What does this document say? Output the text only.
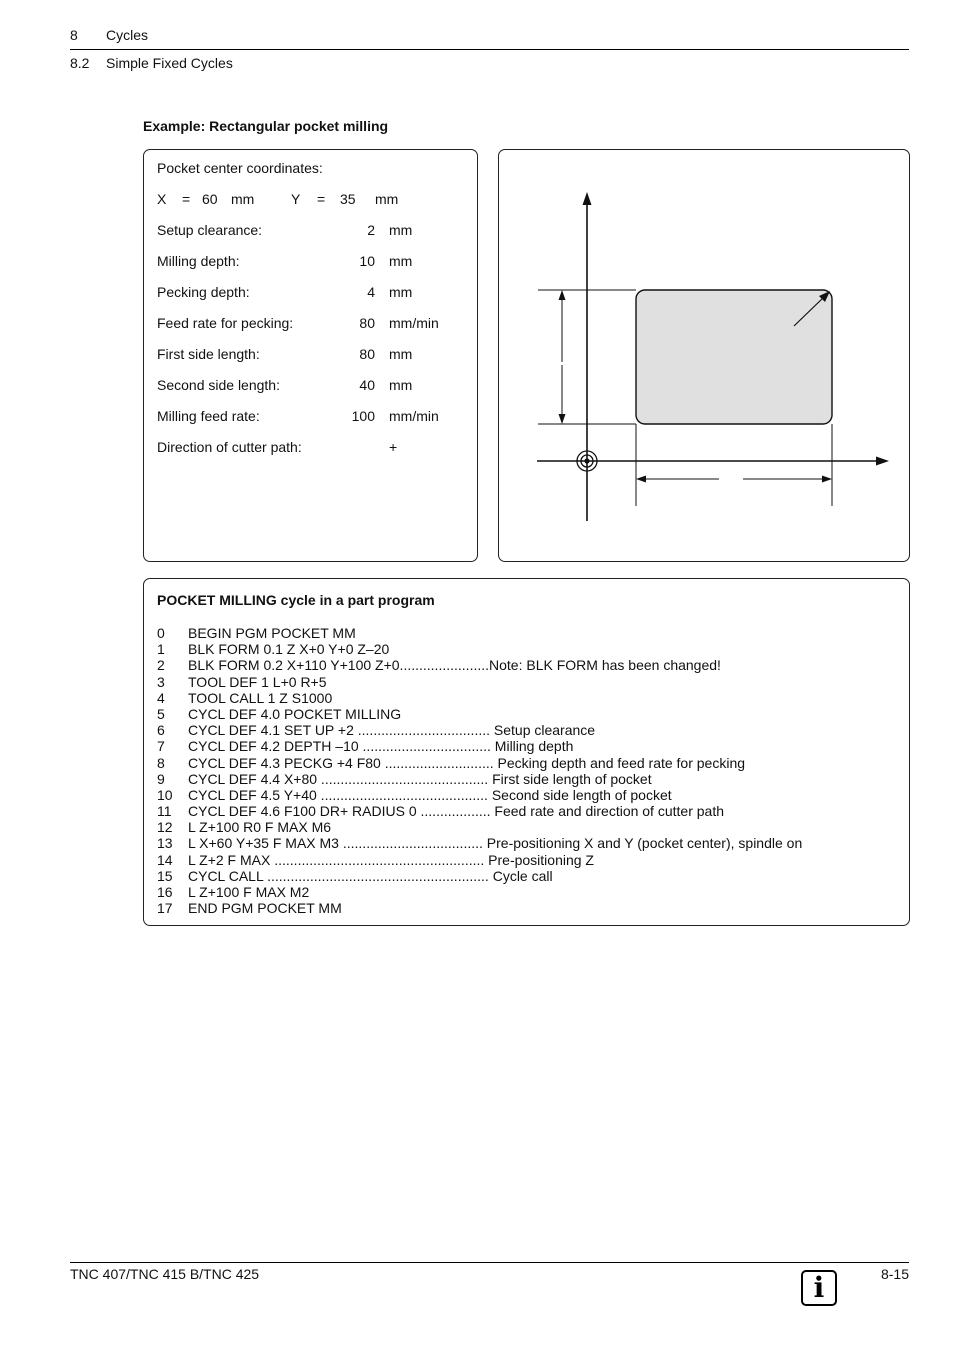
8 Cycles
8.2 Simple Fixed Cycles
Example: Rectangular pocket milling
Pocket center coordinates:
X = 60 mm	Y = 35 mm
Setup clearance:	2 mm
Milling depth:	10 mm
Pecking depth:	4 mm
Feed rate for pecking:	80 mm/min
First side length:	80 mm
Second side length:	40 mm
Milling feed rate:	100 mm/min
Direction of cutter path:	+
POCKET MILLING cycle in a part program
0 BEGIN PGM POCKET MM
1 BLK FORM 0.1 Z X+0 Y+0 Z–20
2 BLK FORM 0.2 X+110 Y+100 Z+0.......................Note: BLK FORM has been changed!
3 TOOL DEF 1 L+0 R+5
4 TOOL CALL 1 Z S1000
5 CYCL DEF 4.0 POCKET MILLING
6 CYCL DEF 4.1 SET UP +2 .................................. Setup clearance
7 CYCL DEF 4.2 DEPTH –10 ................................. Milling depth
8 CYCL DEF 4.3 PECKG +4 F80 ............................ Pecking depth and feed rate for pecking
9 CYCL DEF 4.4 X+80 ........................................... First side length of pocket
10 CYCL DEF 4.5 Y+40 ........................................... Second side length of pocket
11 CYCL DEF 4.6 F100 DR+ RADIUS 0 .................. Feed rate and direction of cutter path
12 L Z+100 R0 F MAX M6
13 L X+60 Y+35 F MAX M3 .................................... Pre-positioning X and Y (pocket center), spindle on
14 L Z+2 F MAX ...................................................... Pre-positioning Z
15 CYCL CALL ......................................................... Cycle call
16 L Z+100 F MAX M2
17 END PGM POCKET MM
TNC 407/TNC 415 B/TNC 425	8-15
i
